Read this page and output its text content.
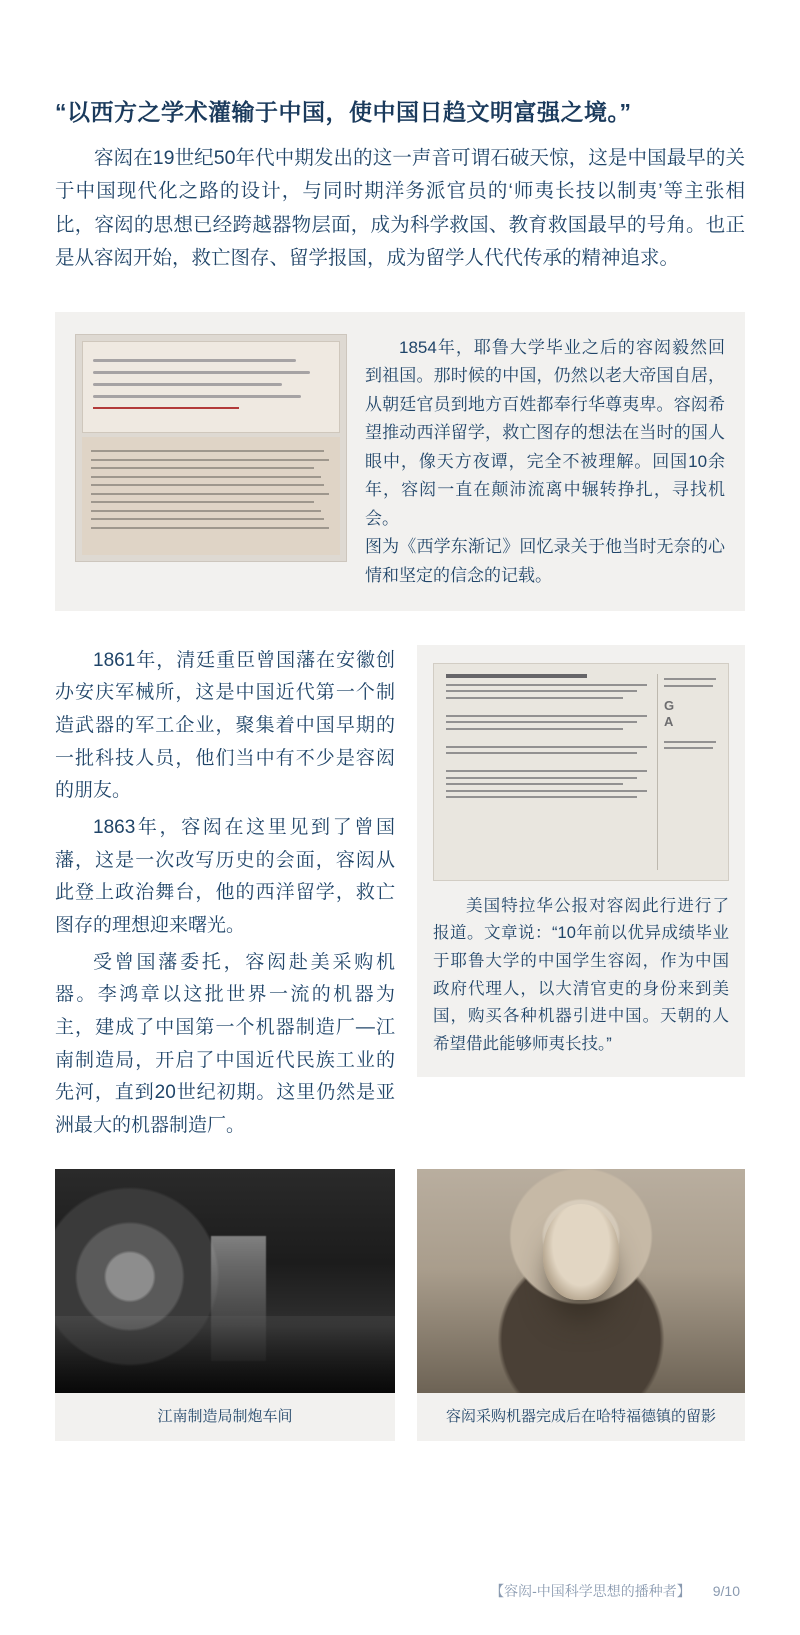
“以西方之学术灌输于中国，使中国日趋文明富强之境。”

容闳在19世纪50年代中期发出的这一声音可谓石破天惊，这是中国最早的关于中国现代化之路的设计，与同时期洋务派官员的‘师夷长技以制夷’等主张相比，容闳的思想已经跨越器物层面，成为科学救国、教育救国最早的号角。也正是从容闳开始，救亡图存、留学报国，成为留学人代代传承的精神追求。

1854年，耶鲁大学毕业之后的容闳毅然回到祖国。那时候的中国，仍然以老大帝国自居，从朝廷官员到地方百姓都奉行华尊夷卑。容闳希望推动西洋留学，救亡图存的想法在当时的国人眼中，像天方夜谭，完全不被理解。回国10余年，容闳一直在颠沛流离中辗转挣扎，寻找机会。

图为《西学东渐记》回忆录关于他当时无奈的心情和坚定的信念的记载。

1861年，清廷重臣曾国藩在安徽创办安庆军械所，这是中国近代第一个制造武器的军工企业，聚集着中国早期的一批科技人员，他们当中有不少是容闳的朋友。

1863年，容闳在这里见到了曾国藩，这是一次改写历史的会面，容闳从此登上政治舞台，他的西洋留学，救亡图存的理想迎来曙光。

受曾国藩委托，容闳赴美采购机器。李鸿章以这批世界一流的机器为主，建成了中国第一个机器制造厂—江南制造局，开启了中国近代民族工业的先河，直到20世纪初期。这里仍然是亚洲最大的机器制造厂。

G
A

美国特拉华公报对容闳此行进行了报道。文章说：“10年前以优异成绩毕业于耶鲁大学的中国学生容闳，作为中国政府代理人，以大清官吏的身份来到美国，购买各种机器引进中国。天朝的人希望借此能够师夷长技。”

江南制造局制炮车间	容闳采购机器完成后在哈特福德镇的留影
【容闳-中国科学思想的播种者】 9/10
